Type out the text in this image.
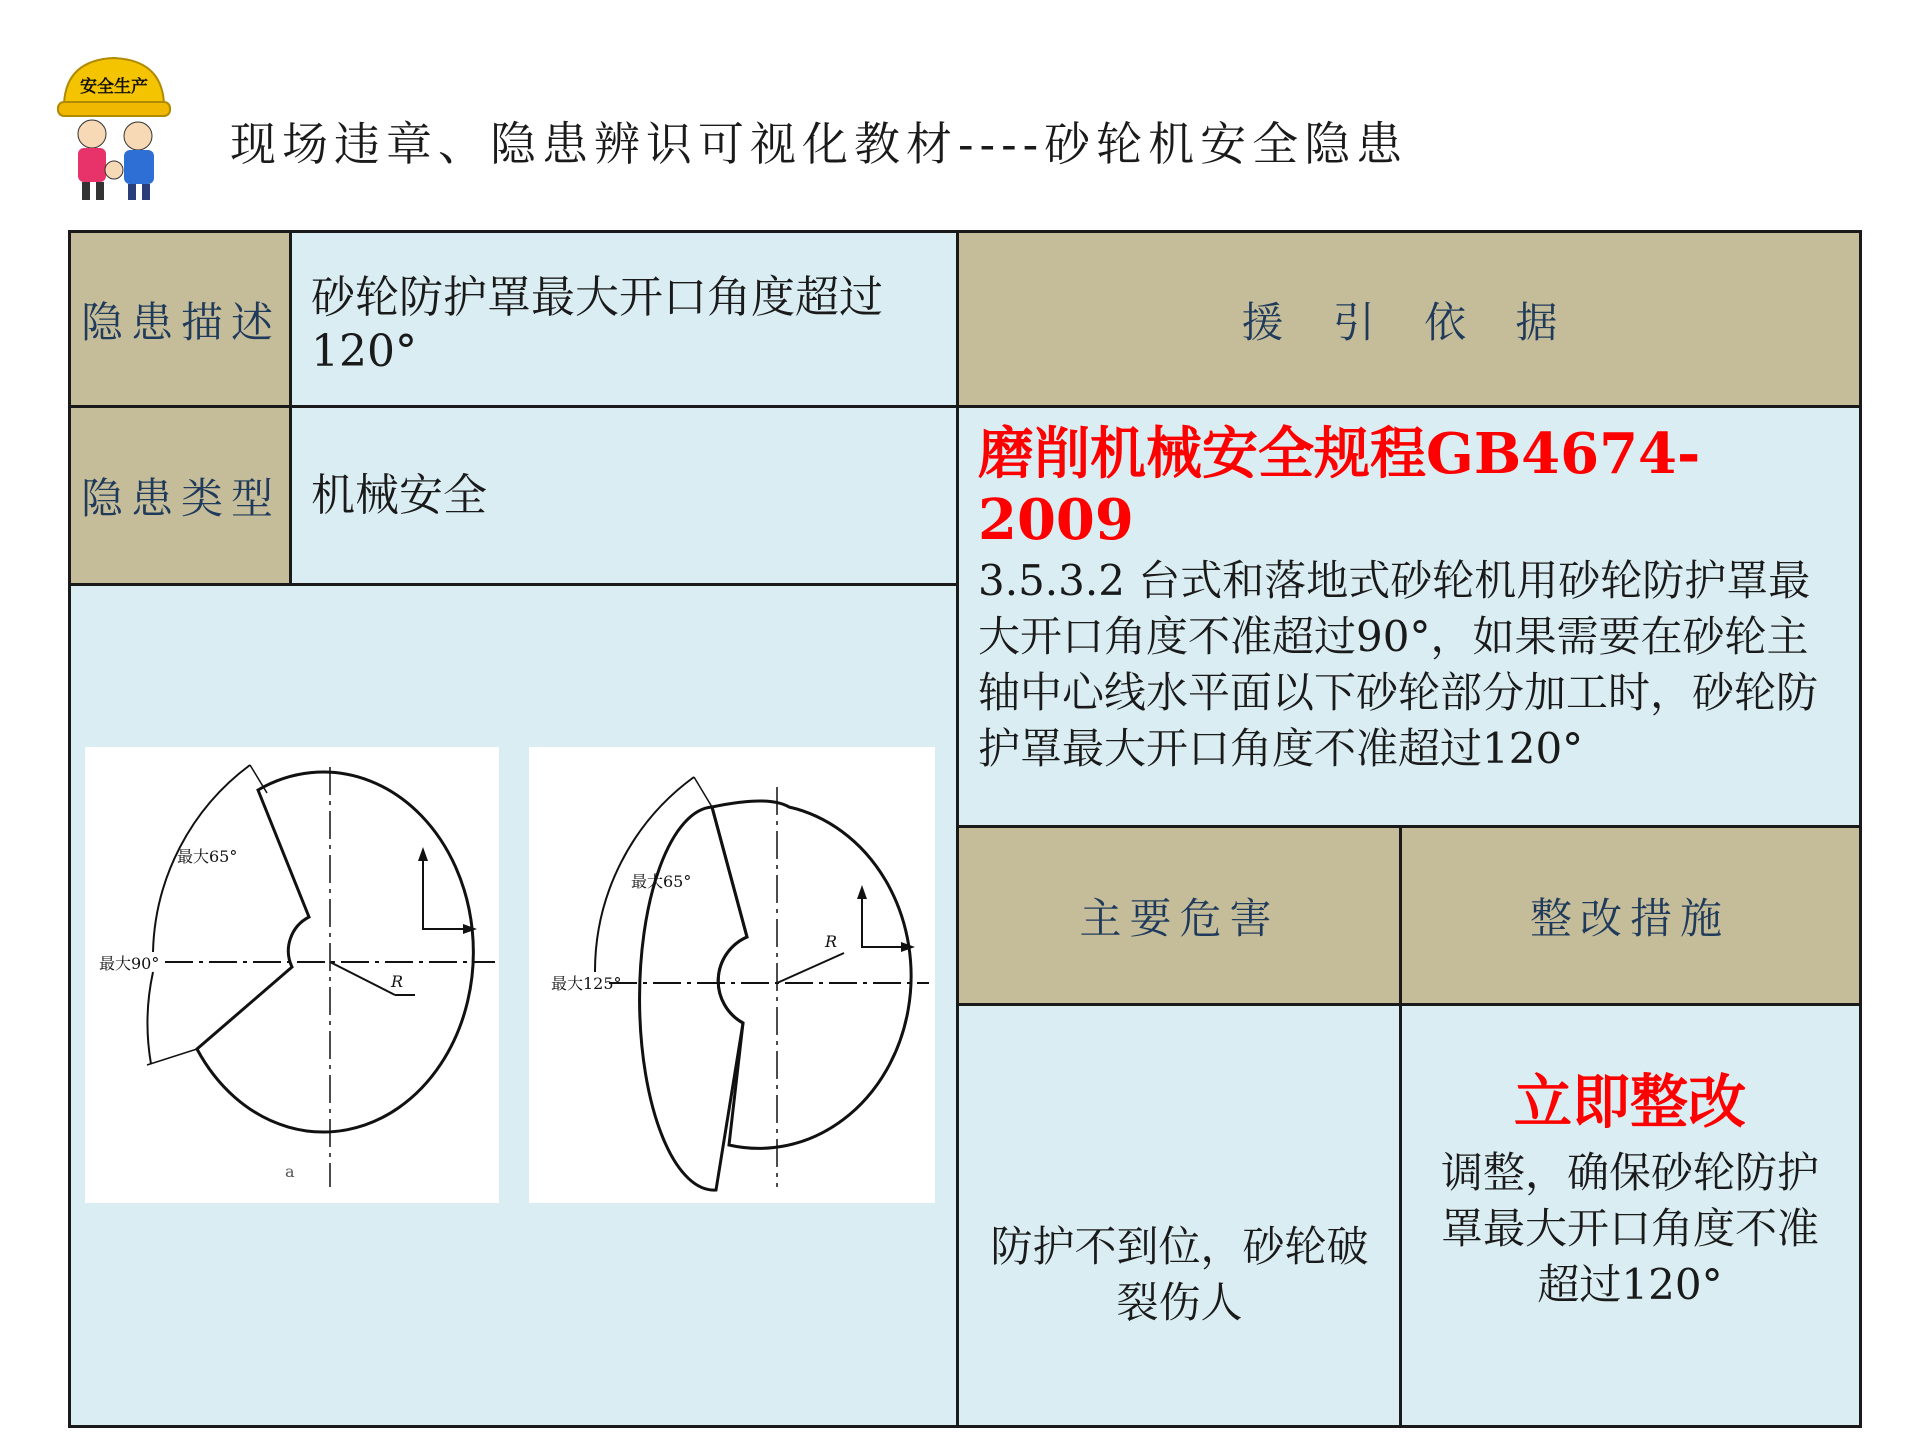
安全生产
现场违章、隐患辨识可视化教材----砂轮机安全隐患
隐患描述 砂轮防护罩最大开口角度超过120°
援 引 依 据
隐患类型 机械安全
磨削机械安全规程GB4674-2009
3.5.3.2 台式和落地式砂轮机用砂轮防护罩最大开口角度不准超过90°，如果需要在砂轮主轴中心线水平面以下砂轮部分加工时，砂轮防护罩最大开口角度不准超过120°
主要危害	整改措施
防护不到位，砂轮破裂伤人
立即整改
调整，确保砂轮防护罩最大开口角度不准超过120°
R
最大65°
最大90°
a
R
最大65°
最大125°
